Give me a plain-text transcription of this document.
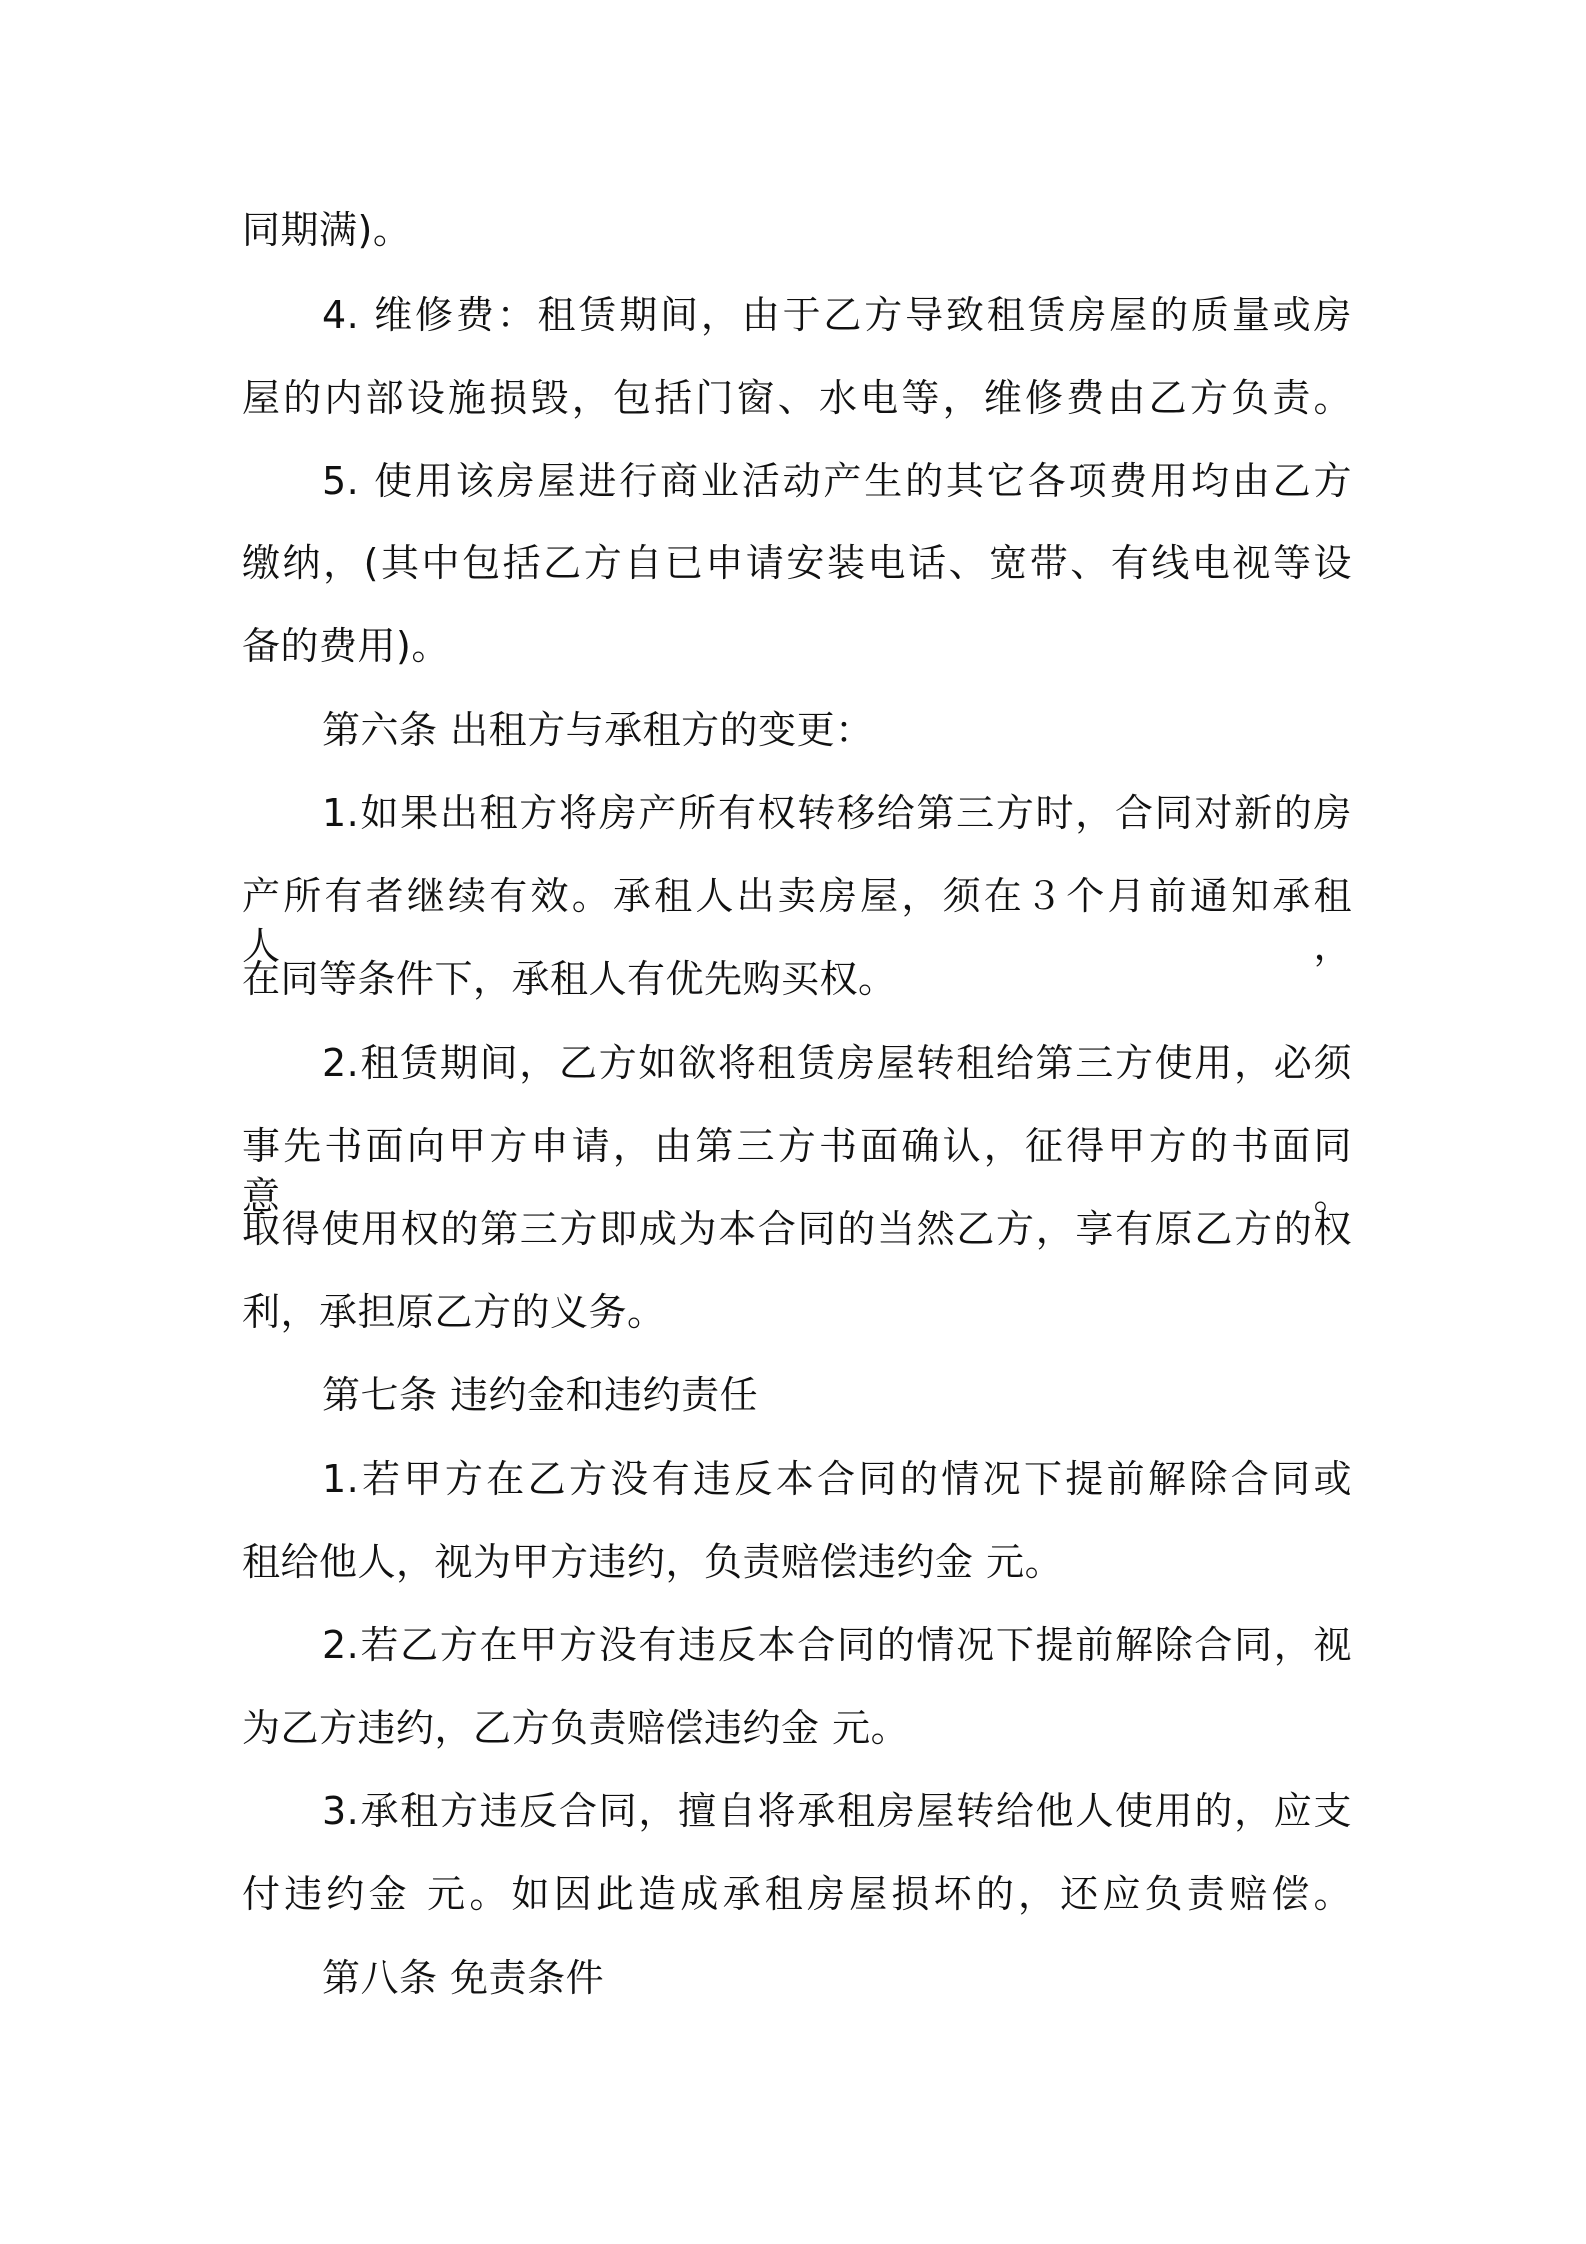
同期满)。
4. 维修费：租赁期间，由于乙方导致租赁房屋的质量或房
屋的内部设施损毁，包括门窗、水电等，维修费由乙方负责。
5. 使用该房屋进行商业活动产生的其它各项费用均由乙方
缴纳，(其中包括乙方自已申请安装电话、宽带、有线电视等设
备的费用)。
第六条 出租方与承租方的变更：
1.如果出租方将房产所有权转移给第三方时，合同对新的房
产所有者继续有效。承租人出卖房屋，须在３个月前通知承租人，
在同等条件下，承租人有优先购买权。
2.租赁期间，乙方如欲将租赁房屋转租给第三方使用，必须
事先书面向甲方申请，由第三方书面确认，征得甲方的书面同意。
取得使用权的第三方即成为本合同的当然乙方，享有原乙方的权
利，承担原乙方的义务。
第七条 违约金和违约责任
1.若甲方在乙方没有违反本合同的情况下提前解除合同或
租给他人，视为甲方违约，负责赔偿违约金 元。
2.若乙方在甲方没有违反本合同的情况下提前解除合同，视
为乙方违约，乙方负责赔偿违约金 元。
3.承租方违反合同，擅自将承租房屋转给他人使用的，应支
付违约金 元。如因此造成承租房屋损坏的，还应负责赔偿。
第八条 免责条件
